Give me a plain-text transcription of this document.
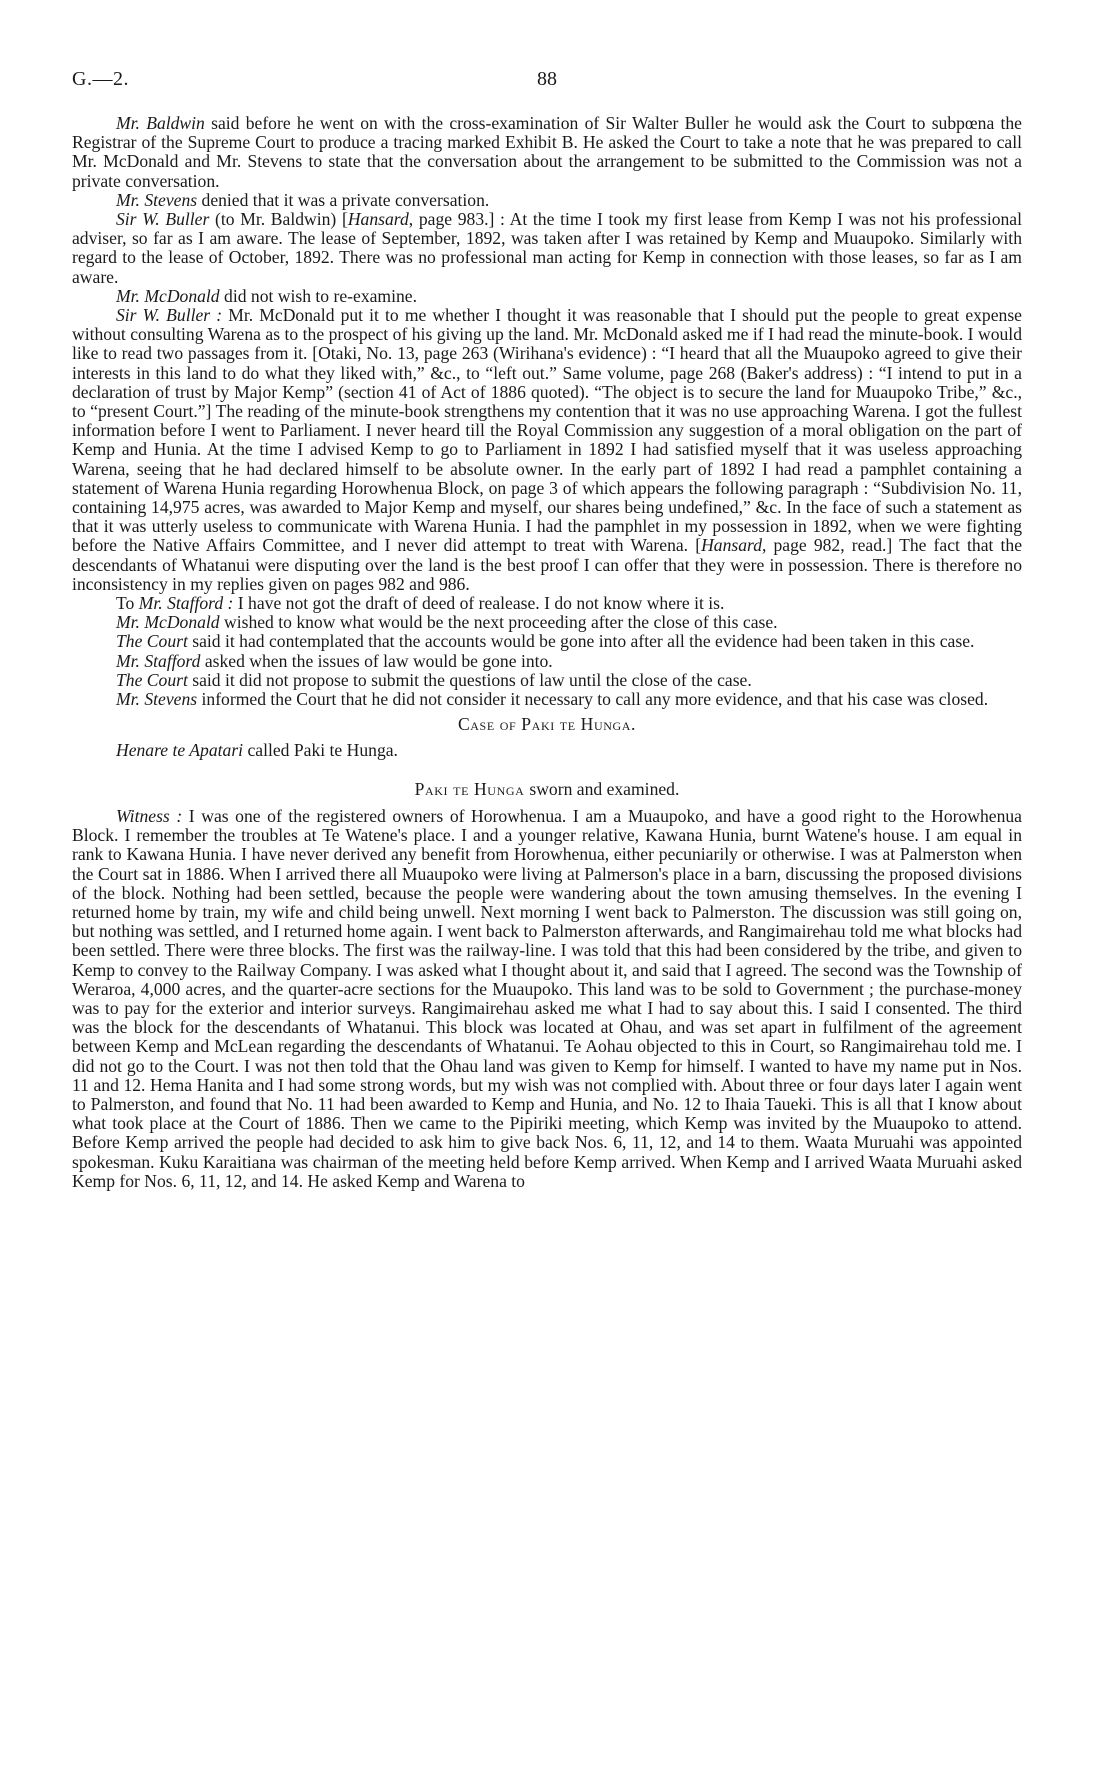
G.—2.	88

Mr. Baldwin said before he went on with the cross-examination of Sir Walter Buller he would ask the Court to subpœna the Registrar of the Supreme Court to produce a tracing marked Exhibit B. He asked the Court to take a note that he was prepared to call Mr. McDonald and Mr. Stevens to state that the conversation about the arrangement to be submitted to the Commission was not a private conversation.

Mr. Stevens denied that it was a private conversation.

Sir W. Buller (to Mr. Baldwin) [Hansard, page 983.] : At the time I took my first lease from Kemp I was not his professional adviser, so far as I am aware. The lease of September, 1892, was taken after I was retained by Kemp and Muaupoko. Similarly with regard to the lease of October, 1892. There was no professional man acting for Kemp in connection with those leases, so far as I am aware.

Mr. McDonald did not wish to re-examine.

Sir W. Buller : Mr. McDonald put it to me whether I thought it was reasonable that I should put the people to great expense without consulting Warena as to the prospect of his giving up the land. Mr. McDonald asked me if I had read the minute-book. I would like to read two passages from it. [Otaki, No. 13, page 263 (Wirihana's evidence) : “I heard that all the Muaupoko agreed to give their interests in this land to do what they liked with,” &c., to “left out.” Same volume, page 268 (Baker's address) : “I intend to put in a declaration of trust by Major Kemp” (section 41 of Act of 1886 quoted). “The object is to secure the land for Muaupoko Tribe,” &c., to “present Court.”] The reading of the minute-book strengthens my contention that it was no use approaching Warena. I got the fullest information before I went to Parliament. I never heard till the Royal Commission any suggestion of a moral obligation on the part of Kemp and Hunia. At the time I advised Kemp to go to Parliament in 1892 I had satisfied myself that it was useless approaching Warena, seeing that he had declared himself to be absolute owner. In the early part of 1892 I had read a pamphlet containing a statement of Warena Hunia regarding Horowhenua Block, on page 3 of which appears the following paragraph : “Subdivision No. 11, containing 14,975 acres, was awarded to Major Kemp and myself, our shares being undefined,” &c. In the face of such a statement as that it was utterly useless to communicate with Warena Hunia. I had the pamphlet in my possession in 1892, when we were fighting before the Native Affairs Committee, and I never did attempt to treat with Warena. [Hansard, page 982, read.] The fact that the descendants of Whatanui were disputing over the land is the best proof I can offer that they were in possession. There is therefore no inconsistency in my replies given on pages 982 and 986.

To Mr. Stafford : I have not got the draft of deed of realease. I do not know where it is.

Mr. McDonald wished to know what would be the next proceeding after the close of this case.

The Court said it had contemplated that the accounts would be gone into after all the evidence had been taken in this case.

Mr. Stafford asked when the issues of law would be gone into.

The Court said it did not propose to submit the questions of law until the close of the case.

Mr. Stevens informed the Court that he did not consider it necessary to call any more evidence, and that his case was closed.

Case of Paki te Hunga.

Henare te Apatari called Paki te Hunga.

Paki te Hunga sworn and examined.

Witness : I was one of the registered owners of Horowhenua. I am a Muaupoko, and have a good right to the Horowhenua Block. I remember the troubles at Te Watene's place. I and a younger relative, Kawana Hunia, burnt Watene's house. I am equal in rank to Kawana Hunia. I have never derived any benefit from Horowhenua, either pecuniarily or otherwise. I was at Palmerston when the Court sat in 1886. When I arrived there all Muaupoko were living at Palmerson's place in a barn, discussing the proposed divisions of the block. Nothing had been settled, because the people were wandering about the town amusing themselves. In the evening I returned home by train, my wife and child being unwell. Next morning I went back to Palmerston. The discussion was still going on, but nothing was settled, and I returned home again. I went back to Palmerston afterwards, and Rangimairehau told me what blocks had been settled. There were three blocks. The first was the railway-line. I was told that this had been considered by the tribe, and given to Kemp to convey to the Railway Company. I was asked what I thought about it, and said that I agreed. The second was the Township of Weraroa, 4,000 acres, and the quarter-acre sections for the Muaupoko. This land was to be sold to Government ; the purchase-money was to pay for the exterior and interior surveys. Rangimairehau asked me what I had to say about this. I said I consented. The third was the block for the descendants of Whatanui. This block was located at Ohau, and was set apart in fulfilment of the agreement between Kemp and McLean regarding the descendants of Whatanui. Te Aohau objected to this in Court, so Rangimairehau told me. I did not go to the Court. I was not then told that the Ohau land was given to Kemp for himself. I wanted to have my name put in Nos. 11 and 12. Hema Hanita and I had some strong words, but my wish was not complied with. About three or four days later I again went to Palmerston, and found that No. 11 had been awarded to Kemp and Hunia, and No. 12 to Ihaia Taueki. This is all that I know about what took place at the Court of 1886. Then we came to the Pipiriki meeting, which Kemp was invited by the Muaupoko to attend. Before Kemp arrived the people had decided to ask him to give back Nos. 6, 11, 12, and 14 to them. Waata Muruahi was appointed spokesman. Kuku Karaitiana was chairman of the meeting held before Kemp arrived. When Kemp and I arrived Waata Muruahi asked Kemp for Nos. 6, 11, 12, and 14. He asked Kemp and Warena to
